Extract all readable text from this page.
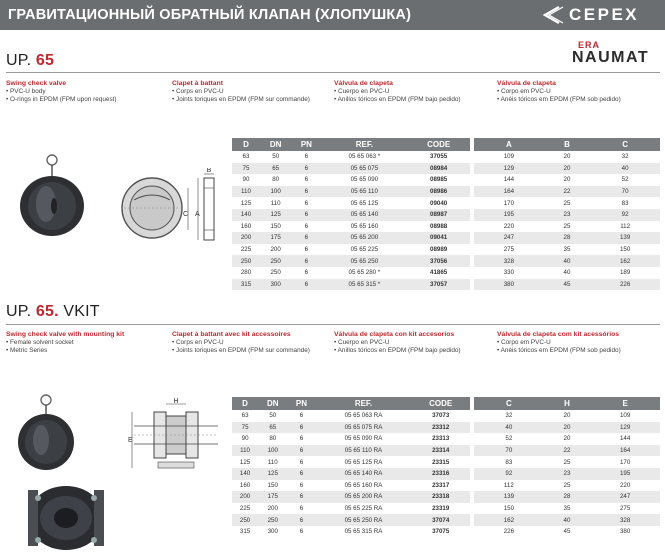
ГРАВИТАЦИОННЫЙ ОБРАТНЫЙ КЛАПАН (ХЛОПУШКА)	CEPEX
ERA
NAUMAT
UP. 65
Swing check valve
• PVC-U body
• O-rings in EPDM (FPM upon request)
Clapet à battant
• Corps en PVC-U
• Joints toriques en EPDM (FPM sur commande)
Válvula de clapeta
• Cuerpo en PVC-U
• Anillos tóricos en EPDM (FPM bajo pedido)
Válvula de clapeta
• Corpo em PVC-U
• Anéis tóricos em EPDM (FPM sob pedido)
B
A
C
D	DN	PN	REF.	CODE
63	50	6	05 65 063 *	37055
75	65	6	05 65 075	08984
90	80	6	05 65 090	08985
110	100	6	05 65 110	08986
125	110	6	05 65 125	09040
140	125	6	05 65 140	08987
160	150	6	05 65 160	08988
200	175	6	05 65 200	09041
225	200	6	05 65 225	08989
250	250	6	05 65 250	37056
280	250	6	05 65 280 *	41865
315	300	6	05 65 315 *	37057
A	B	C
109	20	32
129	20	40
144	20	52
164	22	70
170	25	83
195	23	92
220	25	112
247	28	139
275	35	150
328	40	162
330	40	189
380	45	226
UP. 65. VKIT
Swing check valve with mounting kit
• Female solvent socket
• Metric Series
Clapet à battant avec kit accessoires
• Corps en PVC-U
• Joints toriques en EPDM (FPM sur commande)
Válvula de clapeta con kit accesorios
• Cuerpo en PVC-U
• Anillos tóricos en EPDM (FPM bajo pedido)
Válvula de clapeta com kit acessórios
• Corpo em PVC-U
• Anéis tóricos em EPDM (FPM sob pedido)
H
E
D	DN	PN	REF.	CODE
63	50	6	05 65 063 RA	37073
75	65	6	05 65 075 RA	23312
90	80	6	05 65 090 RA	23313
110	100	6	05 65 110 RA	23314
125	110	6	05 65 125 RA	23315
140	125	6	05 65 140 RA	23316
160	150	6	05 65 160 RA	23317
200	175	6	05 65 200 RA	23318
225	200	6	05 65 225 RA	23319
250	250	6	05 65 250 RA	37074
315	300	6	05 65 315 RA	37075
C	H	E
32	20	109
40	20	129
52	20	144
70	22	164
83	25	170
92	23	195
112	25	220
139	28	247
150	35	275
162	40	328
226	45	380
